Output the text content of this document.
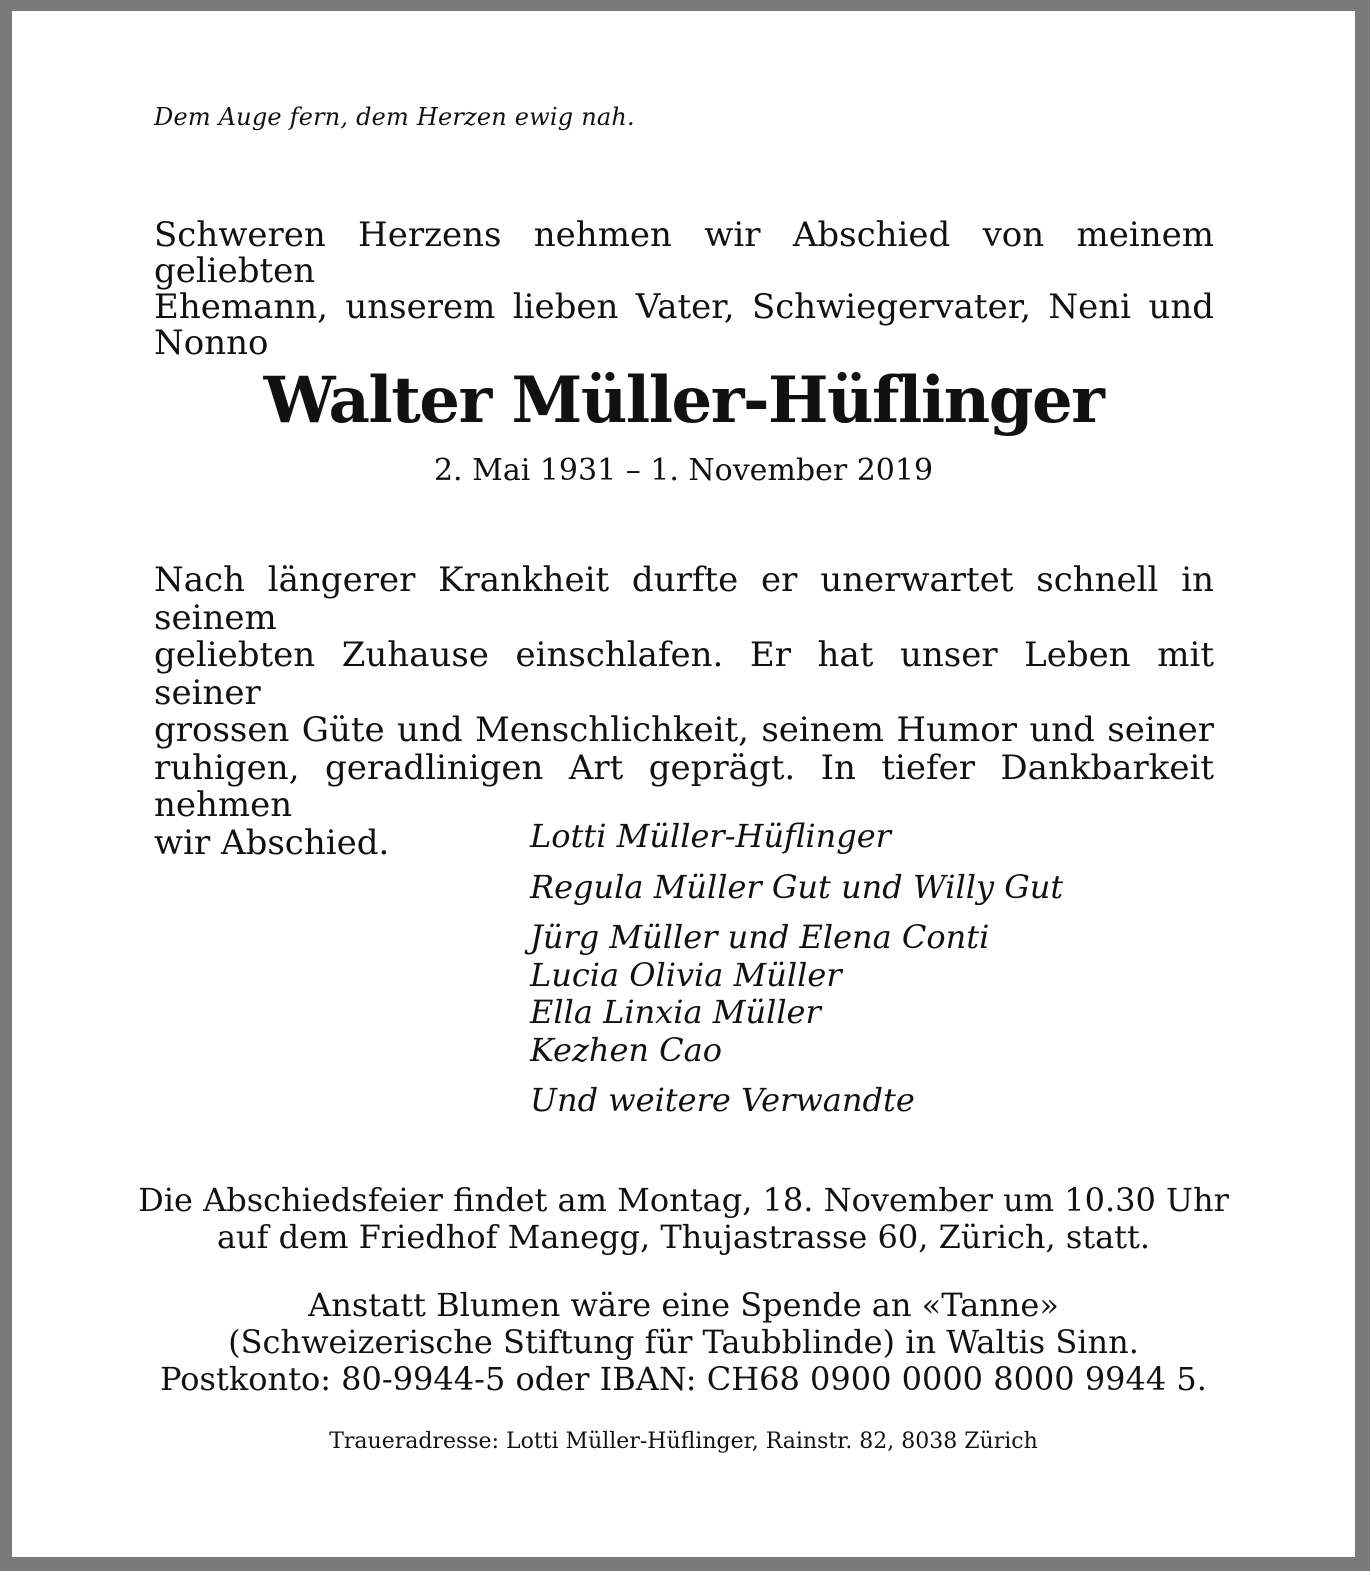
Dem Auge fern, dem Herzen ewig nah.
Schweren Herzens nehmen wir Abschied von meinem geliebten
Ehemann, unserem lieben Vater, Schwiegervater, Neni und Nonno
Walter Müller-Hüflinger
2. Mai 1931 – 1. November 2019
Nach längerer Krankheit durfte er unerwartet schnell in seinem
geliebten Zuhause einschlafen. Er hat unser Leben mit seiner
grossen Güte und Menschlichkeit, seinem Humor und seiner
ruhigen, geradlinigen Art geprägt. In tiefer Dankbarkeit nehmen
wir Abschied.	Lotti Müller-Hüflinger
Regula Müller Gut und Willy Gut
Jürg Müller und Elena Conti
Lucia Olivia Müller
Ella Linxia Müller
Kezhen Cao
Und weitere Verwandte
Die Abschiedsfeier findet am Montag, 18. November um 10.30 Uhr
auf dem Friedhof Manegg, Thujastrasse 60, Zürich, statt.
Anstatt Blumen wäre eine Spende an «Tanne»
(Schweizerische Stiftung für Taubblinde) in Waltis Sinn.
Postkonto: 80-9944-5 oder IBAN: CH68 0900 0000 8000 9944 5.
Traueradresse: Lotti Müller-Hüflinger, Rainstr. 82, 8038 Zürich
